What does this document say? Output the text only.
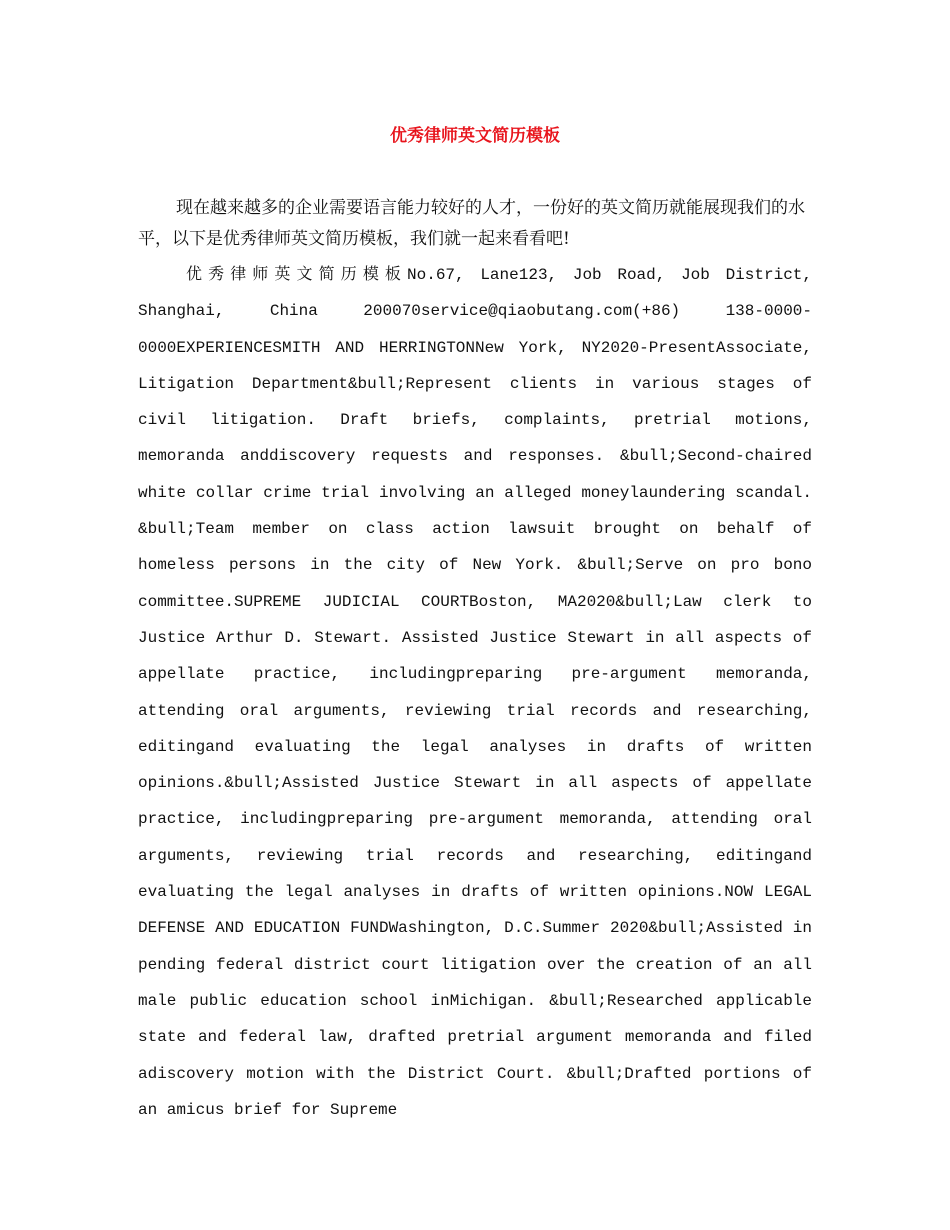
优秀律师英文简历模板

现在越来越多的企业需要语言能力较好的人才，一份好的英文简历就能展现我们的水平，以下是优秀律师英文简历模板，我们就一起来看看吧!

优秀律师英文简历模板No.67, Lane123, Job Road, Job District, Shanghai, China 200070service@qiaobutang.com(+86) 138-0000-0000EXPERIENCESMITH AND HERRINGTONNew York, NY2020-PresentAssociate, Litigation Department&bull;Represent clients in various stages of civil litigation. Draft briefs, complaints, pretrial motions, memoranda anddiscovery requests and responses. &bull;Second-chaired white collar crime trial involving an alleged moneylaundering scandal. &bull;Team member on class action lawsuit brought on behalf of homeless persons in the city of New York. &bull;Serve on pro bono committee.SUPREME JUDICIAL COURTBoston, MA2020&bull;Law clerk to Justice Arthur D. Stewart. Assisted Justice Stewart in all aspects of appellate practice, includingpreparing pre-argument memoranda, attending oral arguments, reviewing trial records and researching, editingand evaluating the legal analyses in drafts of written opinions.&bull;Assisted Justice Stewart in all aspects of appellate practice, includingpreparing pre-argument memoranda, attending oral arguments, reviewing trial records and researching, editingand evaluating the legal analyses in drafts of written opinions.NOW LEGAL DEFENSE AND EDUCATION FUNDWashington, D.C.Summer 2020&bull;Assisted in pending federal district court litigation over the creation of an all male public education school inMichigan. &bull;Researched applicable state and federal law, drafted pretrial argument memoranda and filed adiscovery motion with the District Court. &bull;Drafted portions of an amicus brief for Supreme
